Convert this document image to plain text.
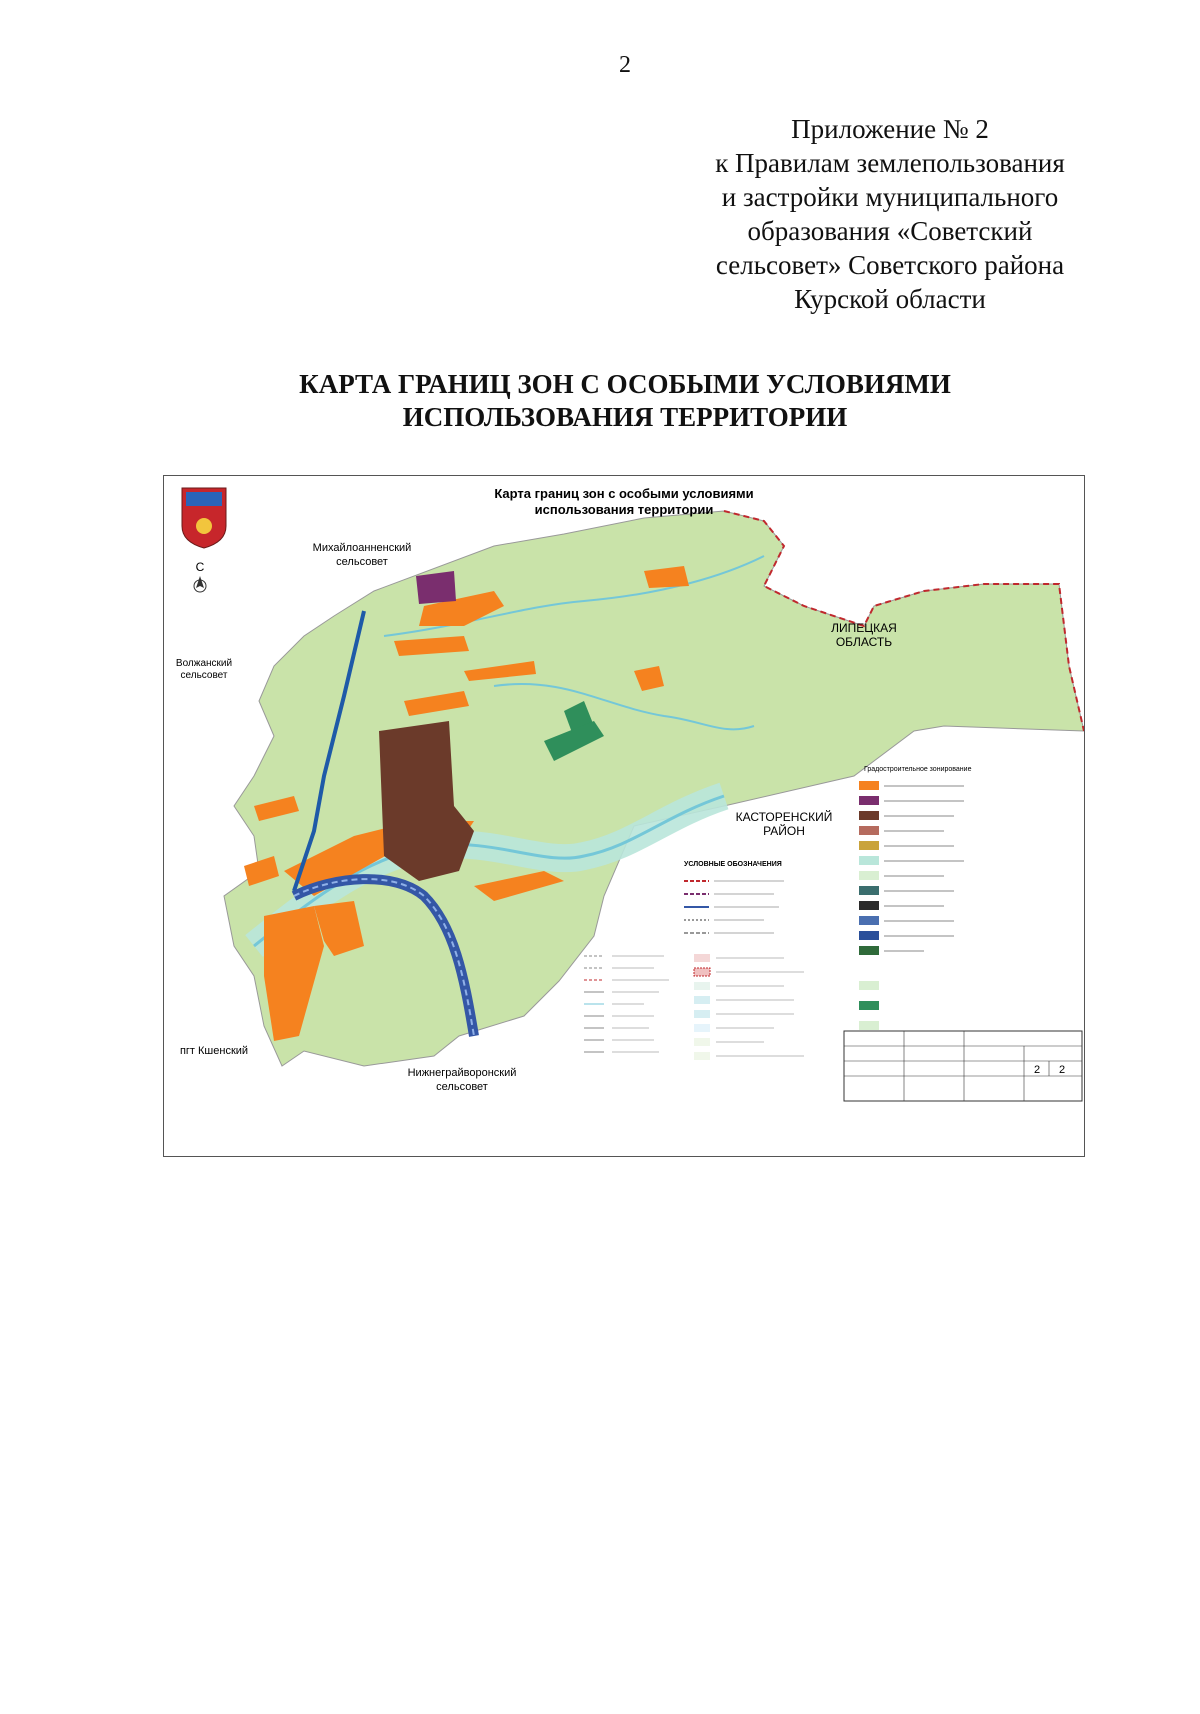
2
Приложение № 2
к Правилам землепользования
и застройки муниципального
образования «Советский
сельсовет» Советского района
Курской области
КАРТА ГРАНИЦ ЗОН С ОСОБЫМИ УСЛОВИЯМИ
ИСПОЛЬЗОВАНИЯ ТЕРРИТОРИИ
С
Карта границ зон с особыми условиями
использования территории
Михайлоанненский
сельсовет
Волжанский
сельсовет
ЛИПЕЦКАЯ
ОБЛАСТЬ
КАСТОРЕНСКИЙ
РАЙОН
пгт Кшенский
Нижнеграйворонский
сельсовет
Градостроительное зонирование
УСЛОВНЫЕ ОБОЗНАЧЕНИЯ
2 2
